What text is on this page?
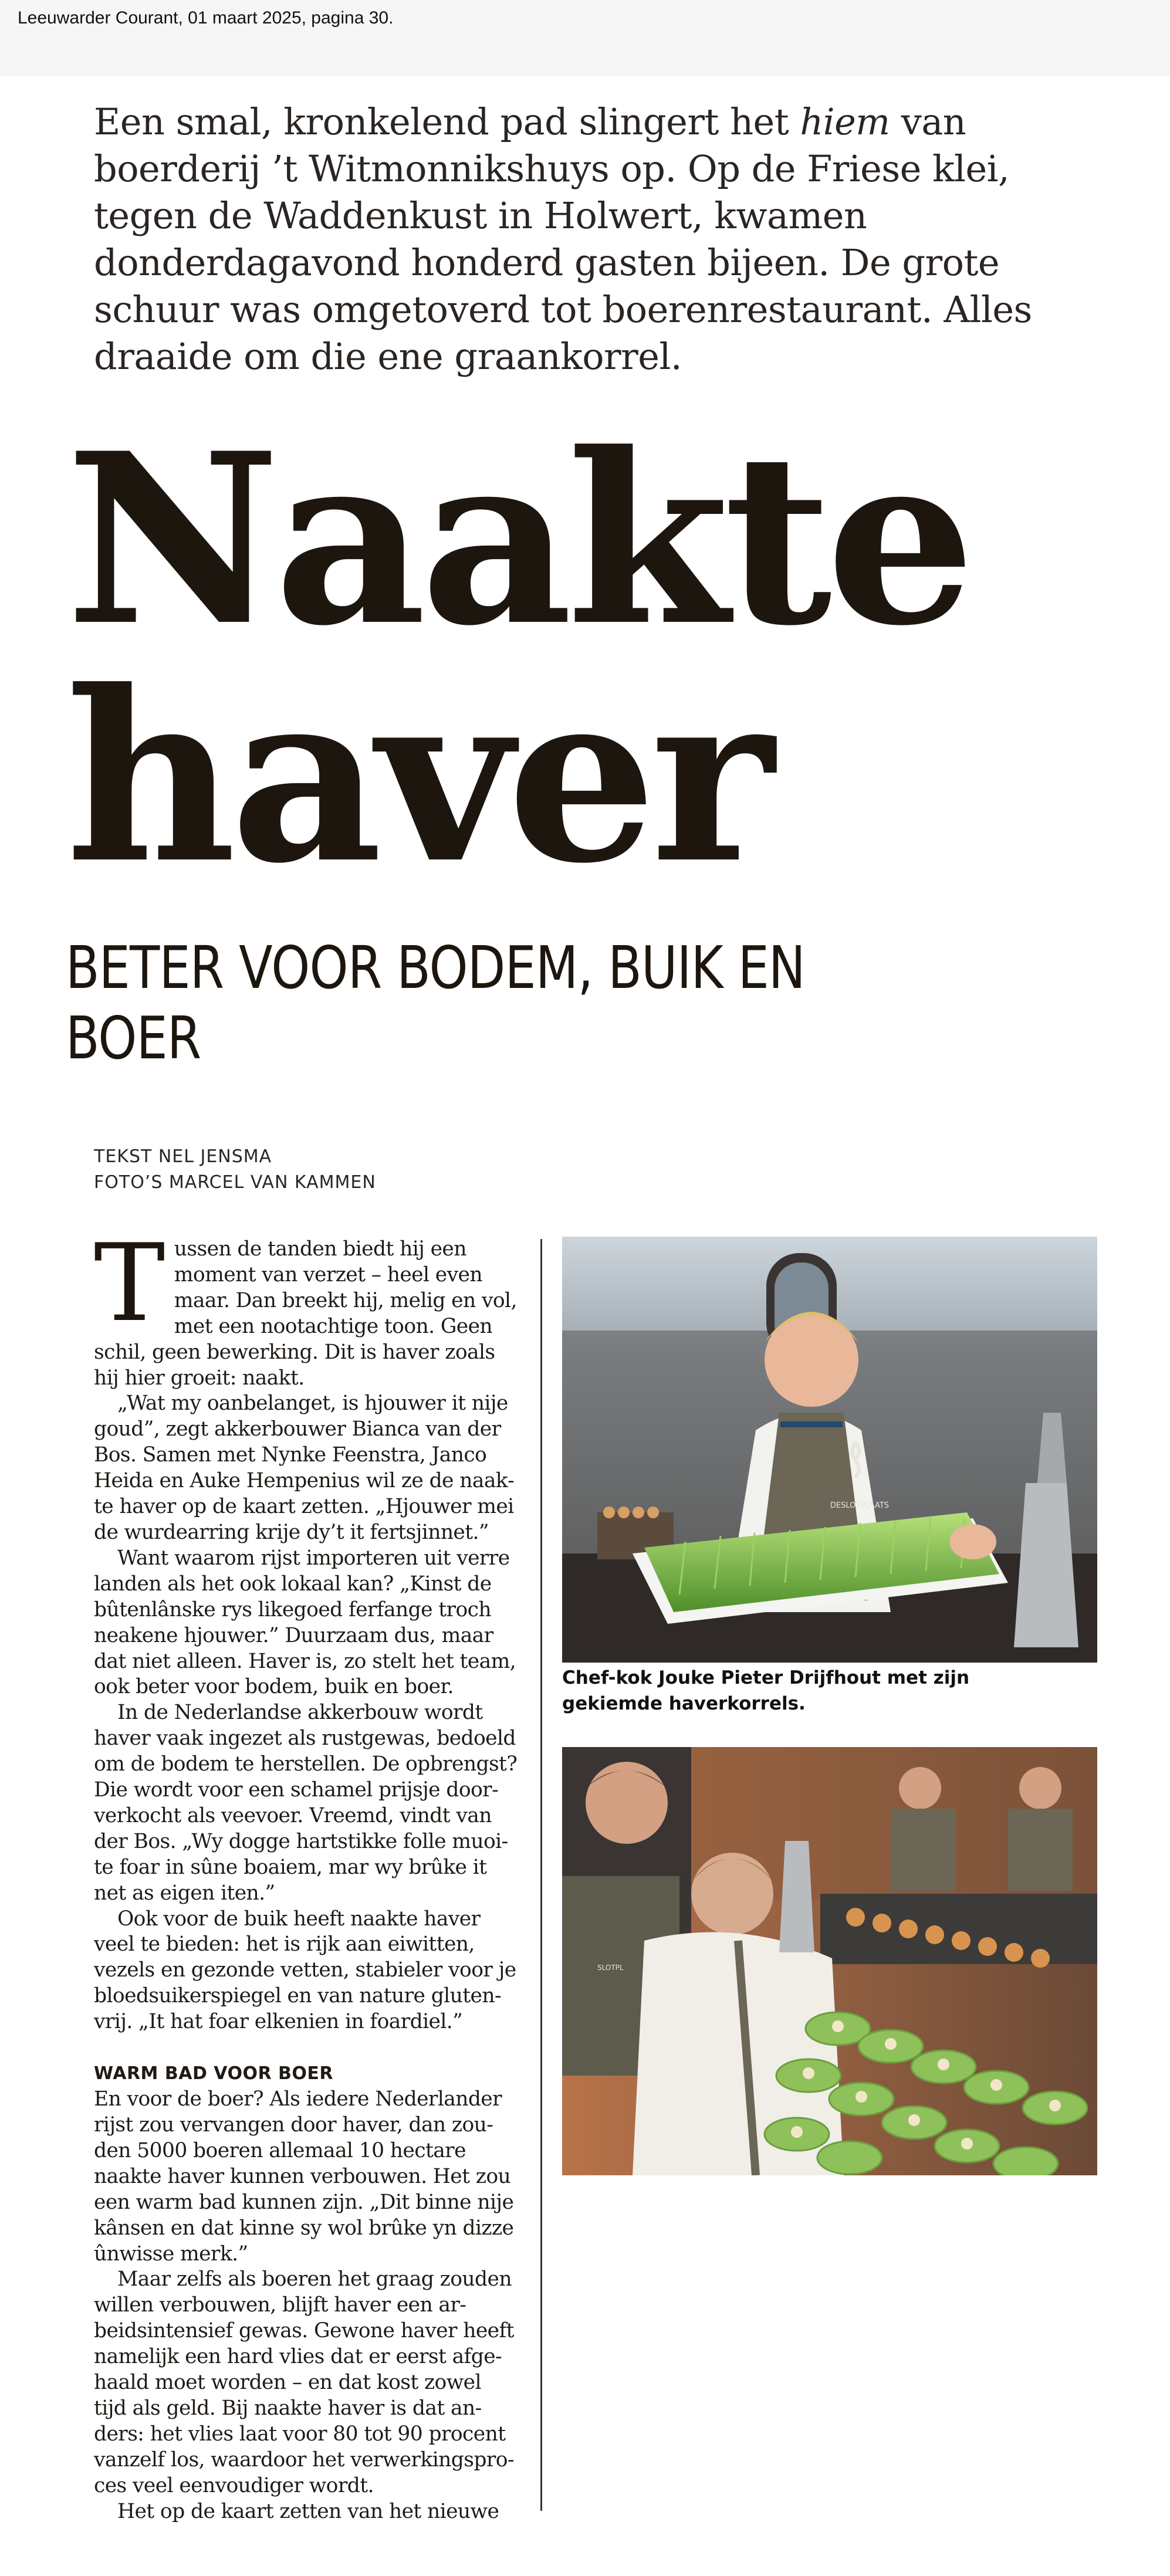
Leeuwarder Courant, 01 maart 2025, pagina 30.
Een smal, kronkelend pad slingert het hiem van boerderij ’t Witmonnikshuys op. Op de Friese klei, tegen de Waddenkust in Holwert, kwamen donderdagavond honderd gasten bijeen. De grote schuur was omgetoverd tot boerenrestaurant. Alles draaide om die ene graankorrel.
Naakte
haver
BETER VOOR BODEM, BUIK EN BOER
TEKST NEL JENSMA
FOTO’S MARCEL VAN KAMMEN

Tussen de tanden biedt hij een moment van verzet – heel even maar. Dan breekt hij, melig en vol, met een nootachtige toon. Geen schil, geen bewerking. Dit is haver zoals hij hier groeit: naakt.

„Wat my oanbelanget, is hjouwer it nije goud”, zegt akkerbouwer Bianca van der Bos. Samen met Nynke Feenstra, Janco Heida en Auke Hempenius wil ze de naakte haver op de kaart zetten. „Hjouwer mei de wurdearring krije dy’t it fertsjinnet.”

Want waarom rijst importeren uit verre landen als het ook lokaal kan? „Kinst de bûtenlânske rys likegoed ferfange troch neakene hjouwer.” Duurzaam dus, maar dat niet alleen. Haver is, zo stelt het team, ook beter voor bodem, buik en boer.

In de Nederlandse akkerbouw wordt haver vaak ingezet als rustgewas, bedoeld om de bodem te herstellen. De opbrengst? Die wordt voor een schamel prijsje doorverkocht als veevoer. Vreemd, vindt van der Bos. „Wy dogge hartstikke folle muoite foar in sûne boaiem, mar wy brûke it net as eigen iten.”

Ook voor de buik heeft naakte haver veel te bieden: het is rijk aan eiwitten, vezels en gezonde vetten, stabieler voor je bloedsuikerspiegel en van nature glutenvrij. „It hat foar elkenien in foardiel.”

WARM BAD VOOR BOER

En voor de boer? Als iedere Nederlander rijst zou vervangen door haver, dan zouden 5000 boeren allemaal 10 hectare naakte haver kunnen verbouwen. Het zou een warm bad kunnen zijn. „Dit binne nije kânsen en dat kinne sy wol brûke yn dizze ûnwisse merk.”

Maar zelfs als boeren het graag zouden willen verbouwen, blijft haver een arbeidsintensief gewas. Gewone haver heeft namelijk een hard vlies dat er eerst afgehaald moet worden – en dat kost zowel tijd als geld. Bij naakte haver is dat anders: het vlies laat voor 80 tot 90 procent vanzelf los, waardoor het verwerkingsproces veel eenvoudiger wordt.

Het op de kaart zetten van het nieuwe

DESLOTPLAATS
Chef-kok Jouke Pieter Drijfhout met zijn gekiemde haverkorrels.
SLOTPL
